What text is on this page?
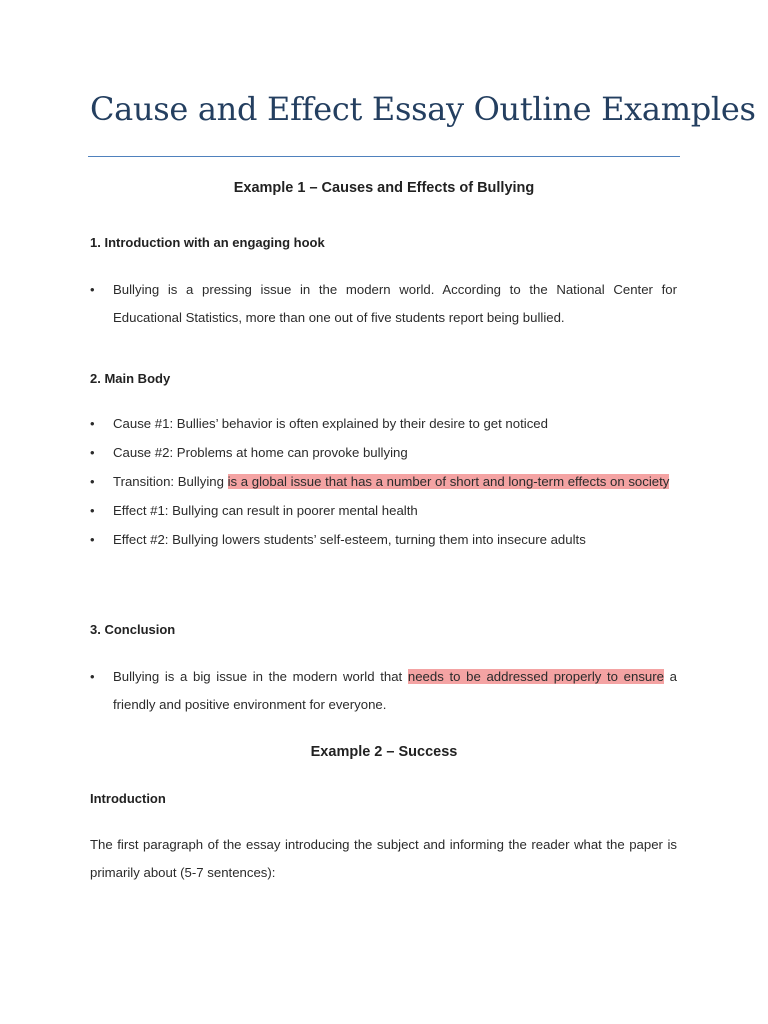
Cause and Effect Essay Outline Examples
Example 1 – Causes and Effects of Bullying
1. Introduction with an engaging hook
• Bullying is a pressing issue in the modern world. According to the National Center for Educational Statistics, more than one out of five students report being bullied.
2. Main Body
• Cause #1: Bullies’ behavior is often explained by their desire to get noticed
• Cause #2: Problems at home can provoke bullying
• Transition: Bullying is a global issue that has a number of short and long-term effects on society
• Effect #1: Bullying can result in poorer mental health
• Effect #2: Bullying lowers students’ self-esteem, turning them into insecure adults
3. Conclusion
• Bullying is a big issue in the modern world that needs to be addressed properly to ensure a friendly and positive environment for everyone.
Example 2 – Success
Introduction

The first paragraph of the essay introducing the subject and informing the reader what the paper is primarily about (5-7 sentences):
